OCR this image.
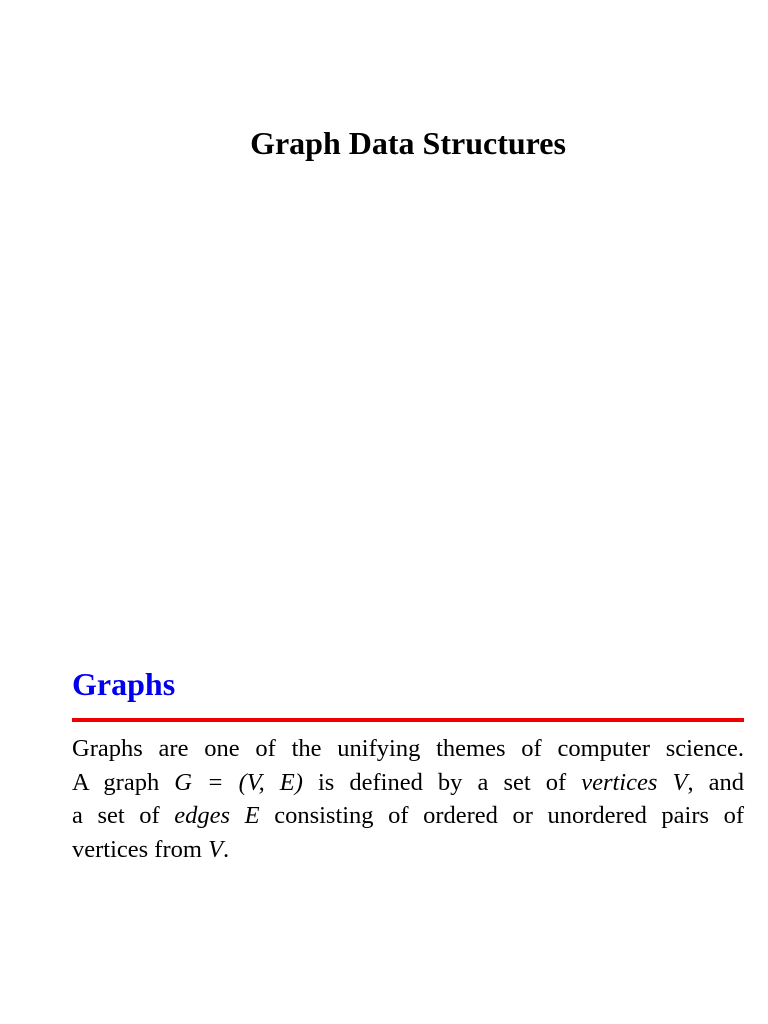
Graph Data Structures
Graphs
Graphs are one of the unifying themes of computer science.
A graph G = (V, E) is defined by a set of vertices V, and
a set of edges E consisting of ordered or unordered pairs of
vertices from V.
